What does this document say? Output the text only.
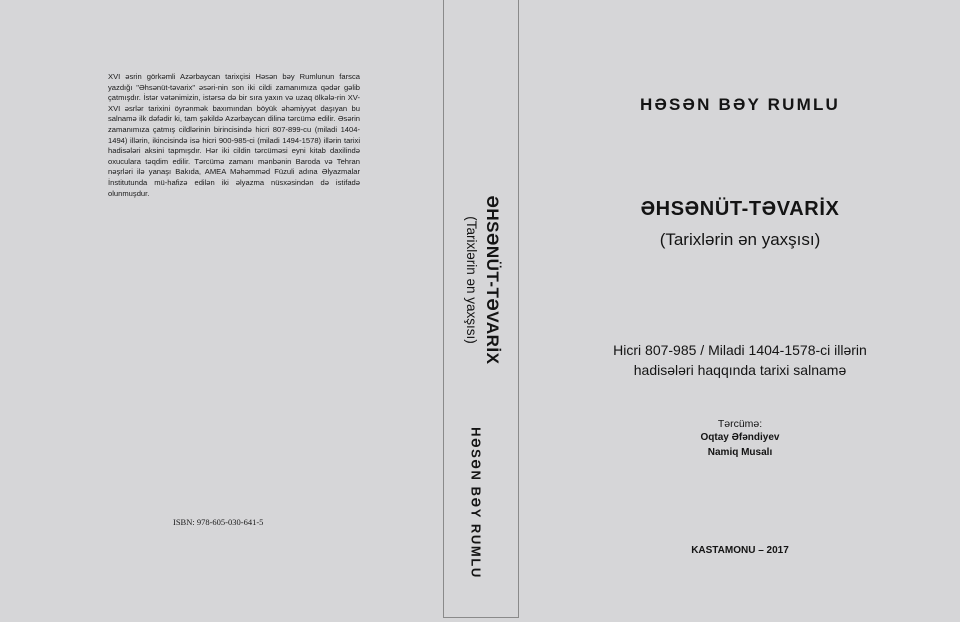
XVI əsrin görkəmli Azərbaycan tarixçisi Həsən bəy Rumlunun farsca yazdığı "Əhsənüt-təvarix" əsəri-nin son iki cildi zamanımıza qədər gəlib çatmışdır. İstər vətənimizin, istərsə də bir sıra yaxın və uzaq ölkələ-rin XV-XVI əsrlər tarixini öyrənmək baxımından böyük əhəmiyyət daşıyan bu salnamə ilk dəfədir ki, tam şəkildə Azərbaycan dilinə tərcümə edilir. Əsərin zamanımıza çatmış cildlərinin birincisində hicri 807-899-cu (miladi 1404-1494) illərin, ikincisində isə hicri 900-985-ci (miladi 1494-1578) illərin tarixi hadisələri aksini tapmışdır. Hər iki cildin tərcüməsi eyni kitab daxilində oxuculara təqdim edilir. Tərcümə zamanı mənbənin Baroda və Tehran nəşrləri ilə yanaşı Bakıda, AMEA Məhəmməd Füzuli adına Əlyazmalar İnstitutunda mü-hafizə edilən iki əlyazma nüsxəsindən də istifadə olunmuşdur.
ISBN: 978-605-030-641-5
ƏHSƏNÜT-TƏVARİX
(Tarixlərin ən yaxşısı)
HƏSƏN BƏY RUMLU
HƏSƏN BƏY RUMLU
ƏHSƏNÜT-TƏVARİX
(Tarixlərin ən yaxşısı)
Hicri 807-985 / Miladi 1404-1578-ci illərin
hadisələri haqqında tarixi salnamə
Tərcümə:
Oqtay Əfəndiyev
Namiq Musalı
KASTAMONU – 2017
